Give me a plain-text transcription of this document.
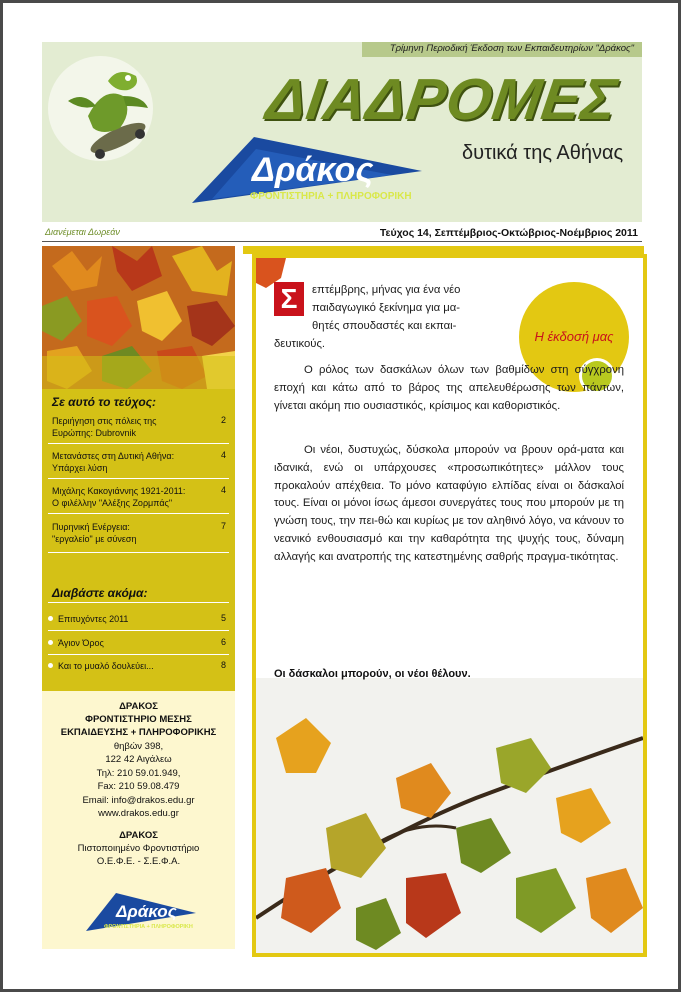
Τρίμηνη Περιοδική Έκδοση των Εκπαιδευτηρίων "Δράκος"
ΔΙΑΔΡΟΜΕΣ
δυτικά της Αθήνας
Δράκος
ΦΡΟΝΤΙΣΤΗΡΙΑ + ΠΛΗΡΟΦΟΡΙΚΗ
Διανέμεται Δωρεάν	Τεύχος 14, Σεπτέμβριος-Οκτώβριος-Νοέμβριος 2011
Σε αυτό το τεύχος:
Περιήγηση στις πόλεις της
Ευρώπης: Dubrovnik
2
Μετανάστες στη Δυτική Αθήνα:
Υπάρχει λύση
4
Μιχάλης Κακογιάννης 1921-2011:
Ο φιλέλλην "Αλέξης Ζορμπάς"
4
Πυρηνική Ενέργεια:
"εργαλείο" με σύνεση
7
Διαβάστε ακόμα:
Επιτυχόντες 2011	5
Άγιον Όρος	6
Και το μυαλό δουλεύει...	8
ΔΡΑΚΟΣ
ΦΡΟΝΤΙΣΤΗΡΙΟ ΜΕΣΗΣ
ΕΚΠΑΙΔΕΥΣΗΣ + ΠΛΗΡΟΦΟΡΙΚΗΣ
θηβών 398,
122 42 Αιγάλεω
Τηλ: 210 59.01.949,
Fax: 210 59.08.479
Email: info@drakos.edu.gr
www.drakos.edu.gr
ΔΡΑΚΟΣ
Πιστοποιημένο Φροντιστήριο
Ο.Ε.Φ.Ε. - Σ.Ε.Φ.Α.
Δράκος
ΦΡΟΝΤΙΣΤΗΡΙΑ + ΠΛΗΡΟΦΟΡΙΚΗ
Η έκδοσή μας
Σ	επτέμβρης, μήνας για ένα νέο
παιδαγωγικό ξεκίνημα για μα-
θητές σπουδαστές και εκπαι-
δευτικούς.
Ο ρόλος των δασκάλων όλων των βαθμίδων στη σύγχρονη εποχή και κάτω από το βάρος της απελευθέρωσης των πάντων, γίνεται ακόμη πιο ουσιαστικός, κρίσιμος και καθοριστικός.
Οι νέοι, δυστυχώς, δύσκολα μπορούν να βρουν ορά-ματα και ιδανικά, ενώ οι υπάρχουσες «προσωπικότητες» μάλλον τους προκαλούν απέχθεια. Το μόνο καταφύγιο ελπίδας είναι οι δάσκαλοί τους. Είναι οι μόνοι ίσως άμεσοι συνεργάτες τους που μπορούν με τη γνώση τους, την πει-θώ και κυρίως με τον αληθινό λόγο, να κάνουν το νεανικό ενθουσιασμό και την καθαρότητα της ψυχής τους, δύναμη αλλαγής και ανατροπής της κατεστημένης σαθρής πραγμα-τικότητας.
Οι δάσκαλοι μπορούν, οι νέοι θέλουν.
